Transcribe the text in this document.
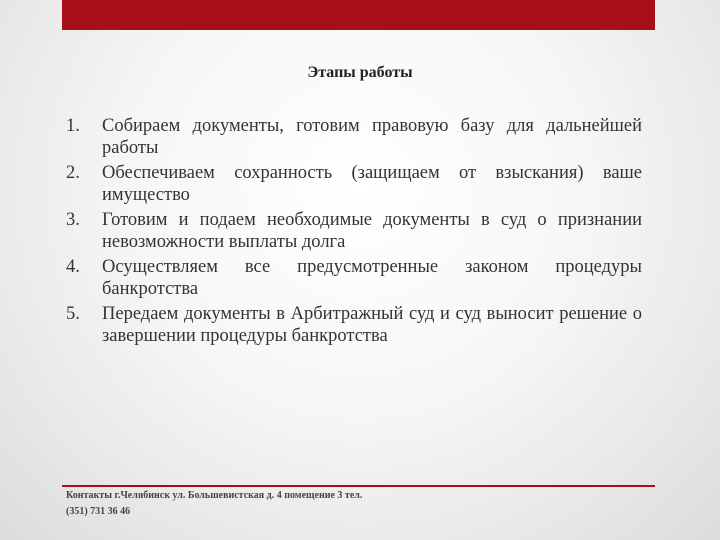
Этапы работы
1.	Собираем документы, готовим правовую базу для дальнейшей работы
2.	Обеспечиваем сохранность (защищаем от взыскания) ваше имущество
3.	Готовим и подаем необходимые документы в суд о признании невозможности выплаты долга
4.	Осуществляем все предусмотренные законом процедуры банкротства
5.	Передаем документы в Арбитражный суд и суд выносит решение о завершении процедуры банкротства
Контакты г.Челябинск ул. Большевистская д. 4 помещение 3 тел.
(351) 731 36 46
